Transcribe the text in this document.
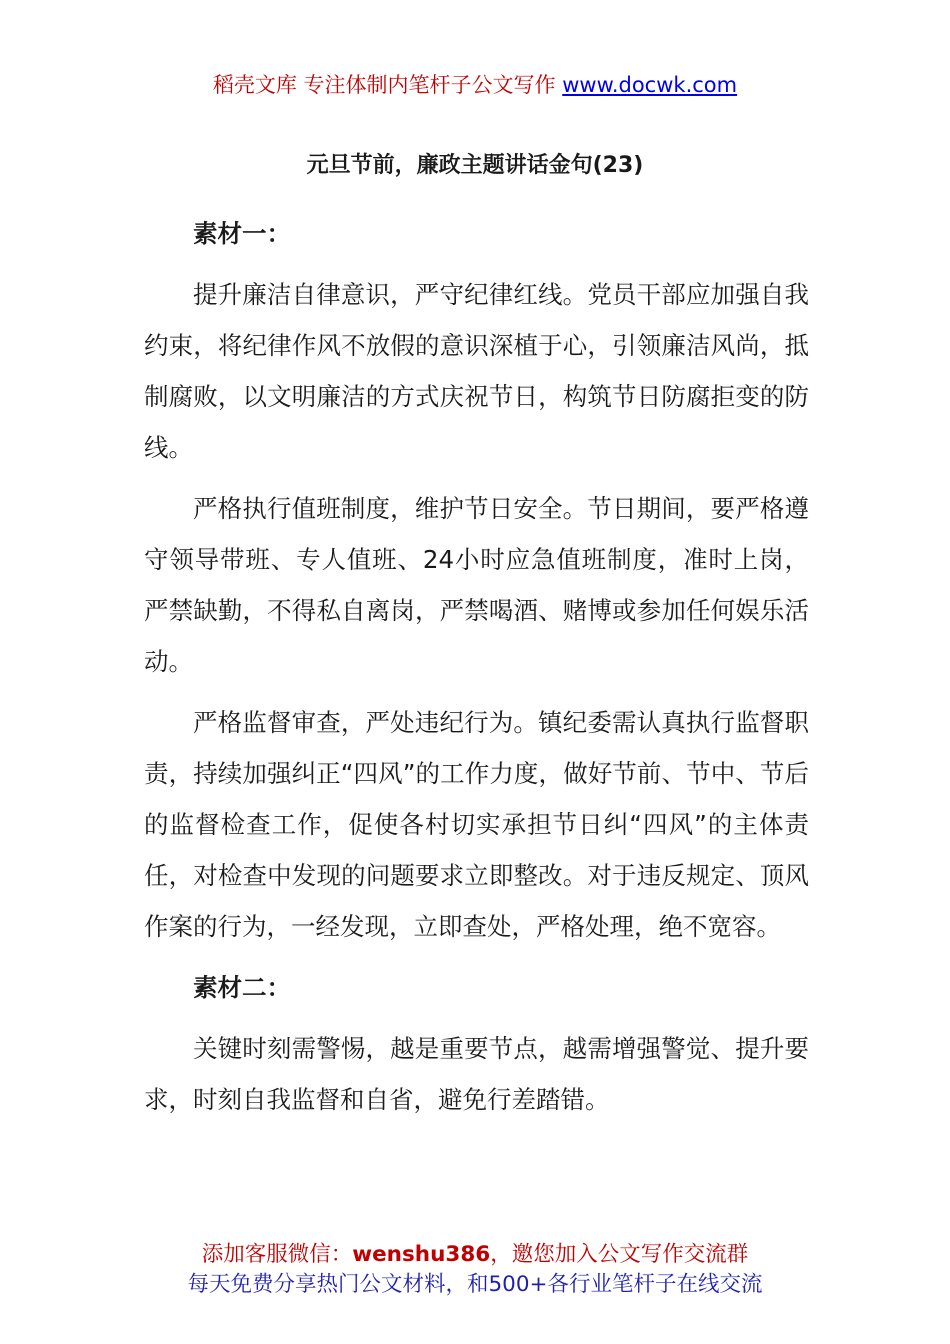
稻壳文库 专注体制内笔杆子公文写作 www.docwk.com
元旦节前，廉政主题讲话金句(23)

素材一：

提升廉洁自律意识，严守纪律红线。党员干部应加强自我约束，将纪律作风不放假的意识深植于心，引领廉洁风尚，抵制腐败，以文明廉洁的方式庆祝节日，构筑节日防腐拒变的防线。

严格执行值班制度，维护节日安全。节日期间，要严格遵守领导带班、专人值班、24小时应急值班制度，准时上岗，严禁缺勤，不得私自离岗，严禁喝酒、赌博或参加任何娱乐活动。

严格监督审查，严处违纪行为。镇纪委需认真执行监督职责，持续加强纠正“四风”的工作力度，做好节前、节中、节后的监督检查工作，促使各村切实承担节日纠“四风”的主体责任，对检查中发现的问题要求立即整改。对于违反规定、顶风作案的行为，一经发现，立即查处，严格处理，绝不宽容。

素材二：

关键时刻需警惕，越是重要节点，越需增强警觉、提升要求，时刻自我监督和自省，避免行差踏错。

添加客服微信：wenshu386，邀您加入公文写作交流群
每天免费分享热门公文材料，和500+各行业笔杆子在线交流
